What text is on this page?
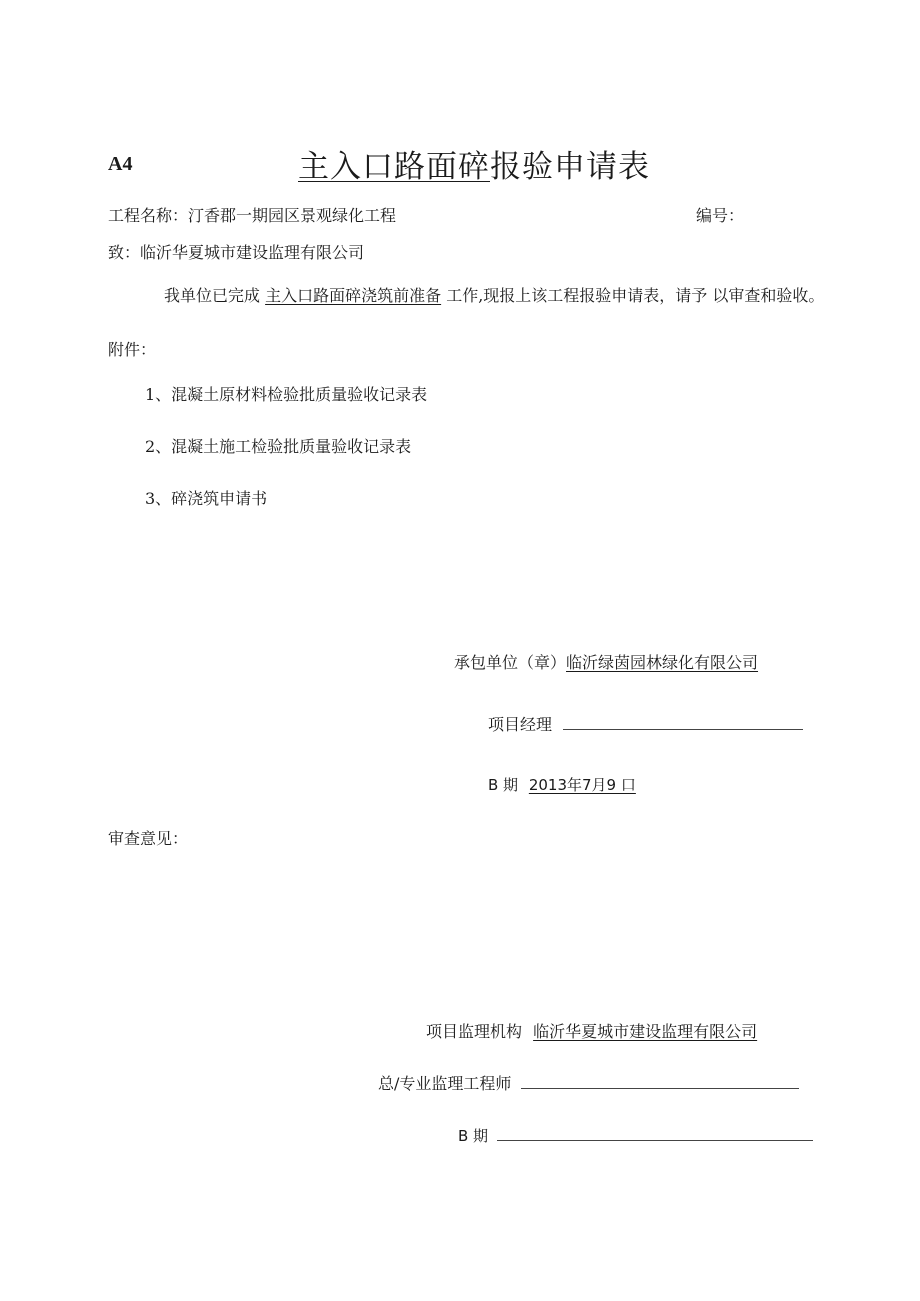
A4	主入口路面碎报验申请表
工程名称：汀香郡一期园区景观绿化工程	编号：
致：临沂华夏城市建设监理有限公司
我单位已完成 主入口路面碎浇筑前准备 工作,现报上该工程报验申请表，请予 以审查和验收。
附件：
1、混凝土原材料检验批质量验收记录表
2、混凝土施工检验批质量验收记录表
3、碎浇筑申请书
承包单位（章）临沂绿茵园林绿化有限公司
项目经理
B 期 2013年7月9 口
审查意见：
项目监理机构 临沂华夏城市建设监理有限公司
总/专业监理工程师
B 期
